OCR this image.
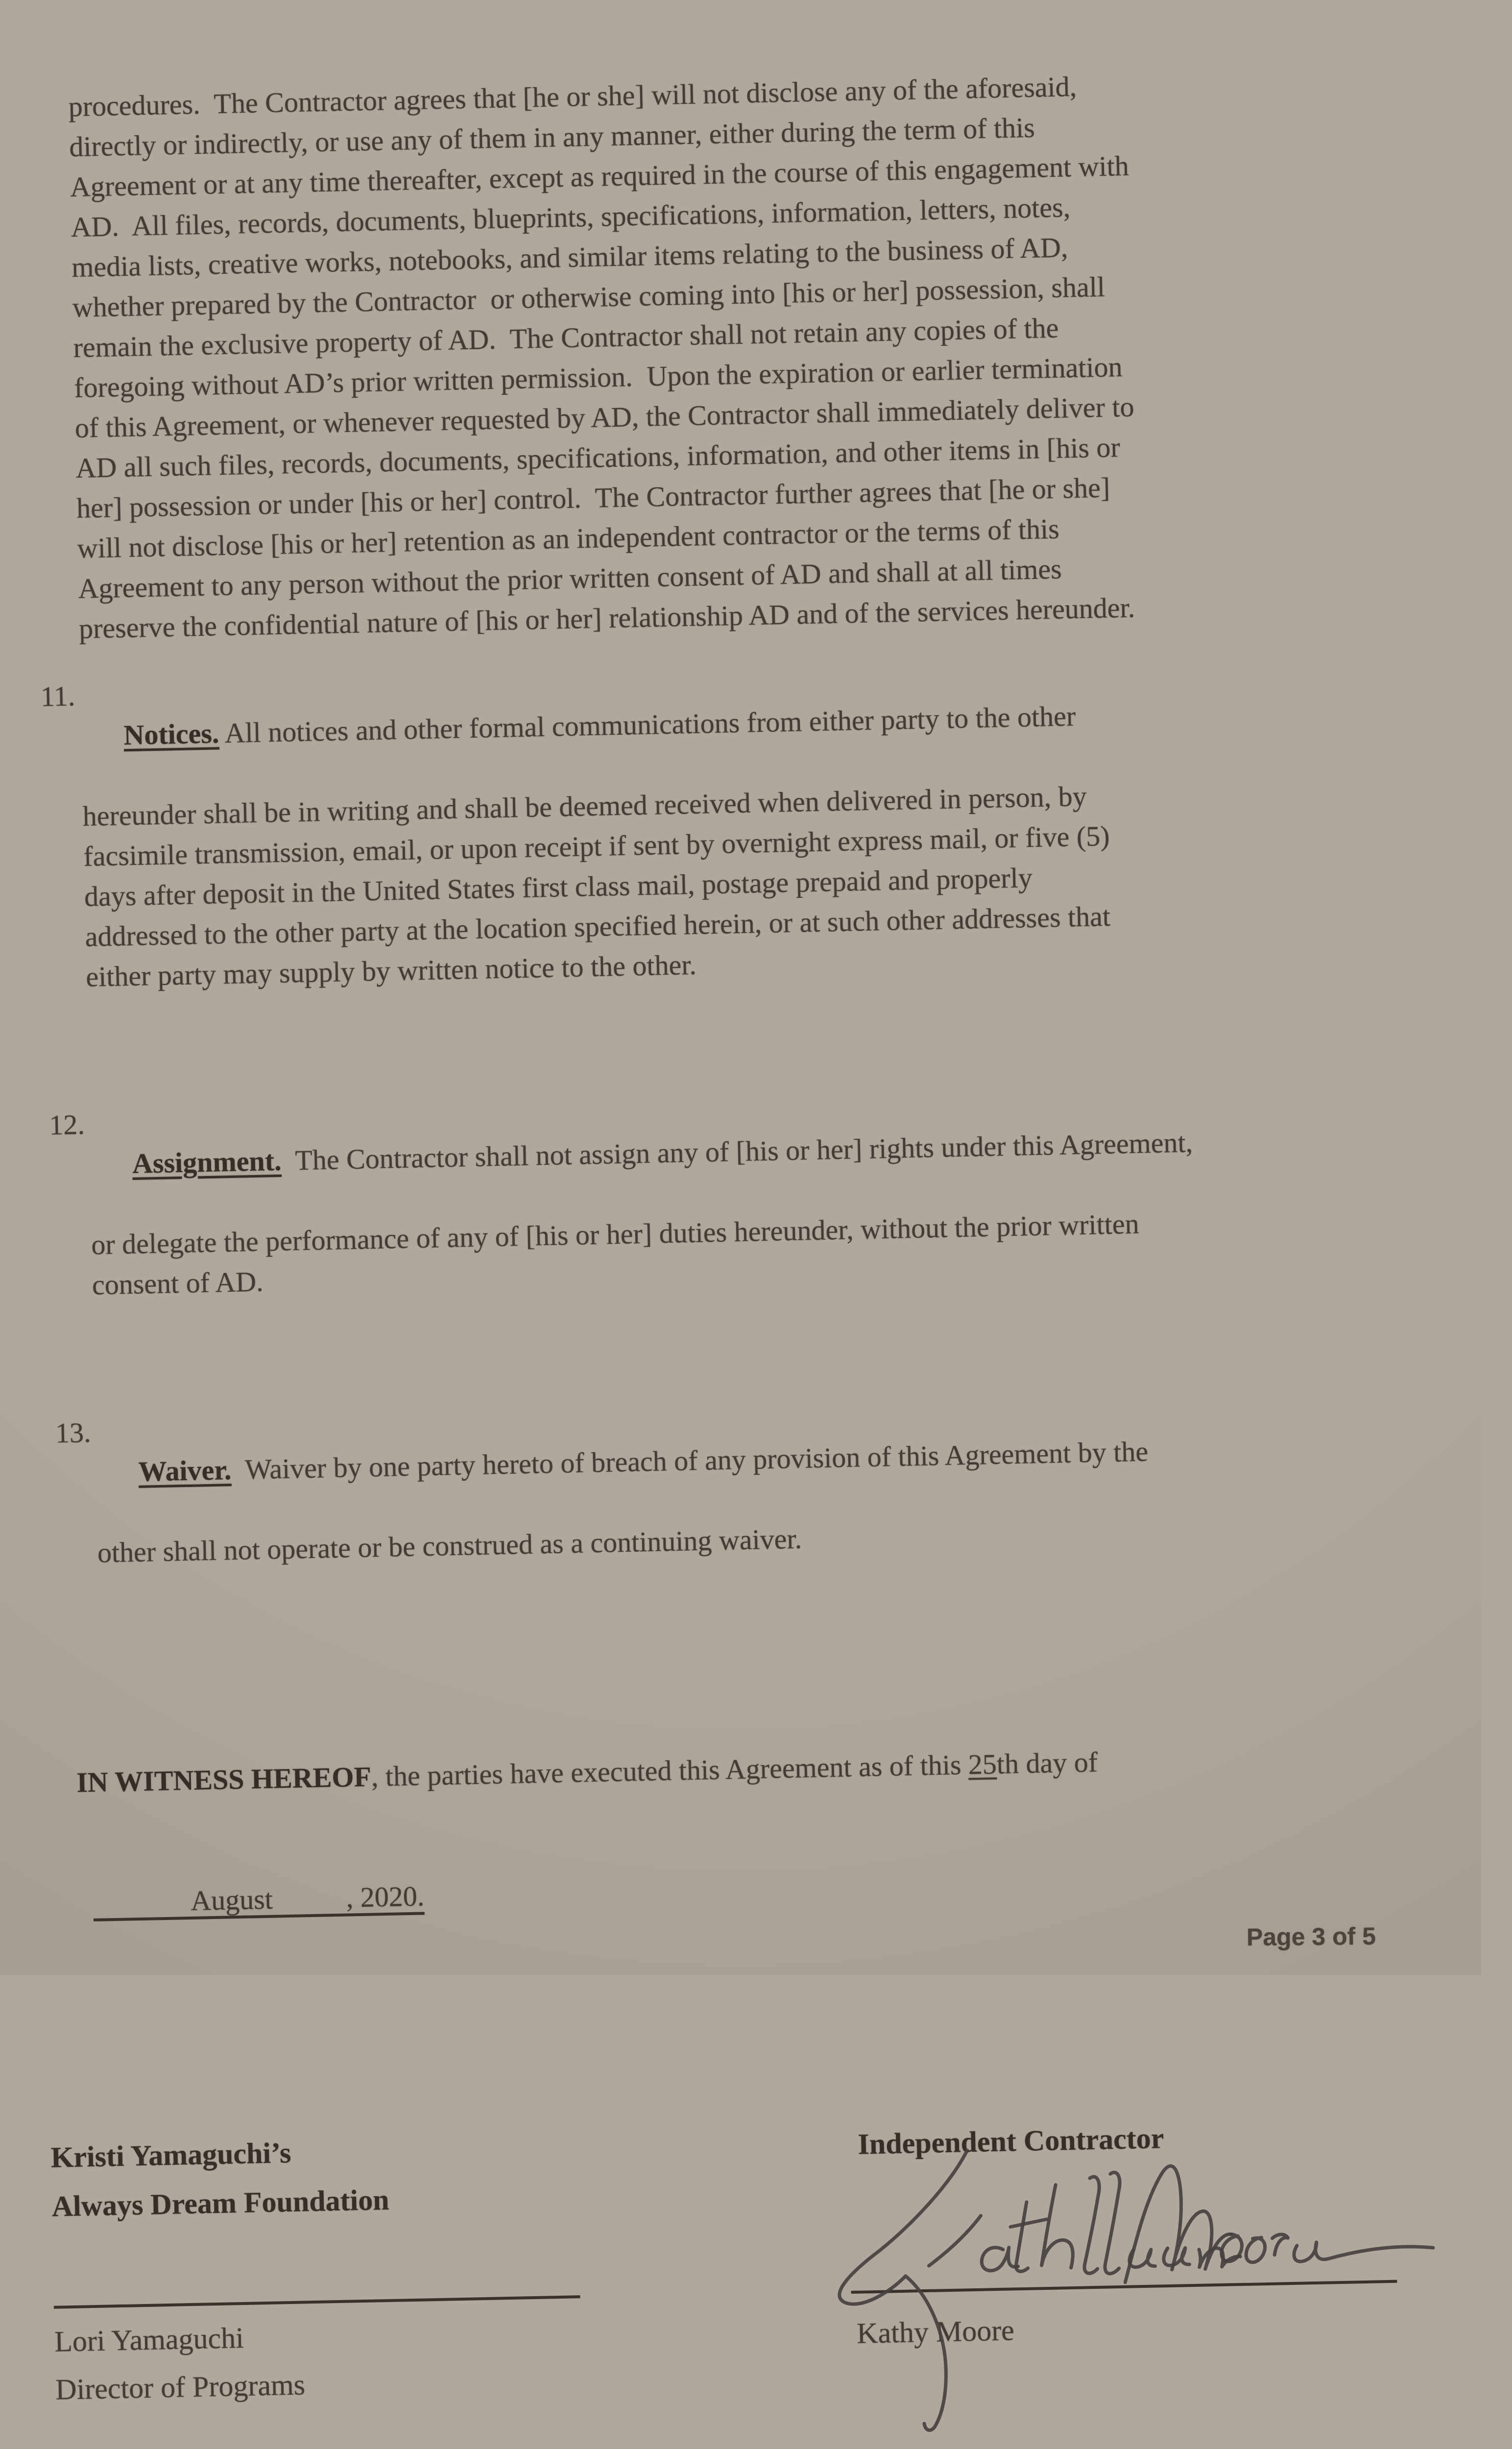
procedures.  The Contractor agrees that [he or she] will not disclose any of the aforesaid,
directly or indirectly, or use any of them in any manner, either during the term of this
Agreement or at any time thereafter, except as required in the course of this engagement with
AD.  All files, records, documents, blueprints, specifications, information, letters, notes,
media lists, creative works, notebooks, and similar items relating to the business of AD,
whether prepared by the Contractor  or otherwise coming into [his or her] possession, shall
remain the exclusive property of AD.  The Contractor shall not retain any copies of the
foregoing without AD’s prior written permission.  Upon the expiration or earlier termination
of this Agreement, or whenever requested by AD, the Contractor shall immediately deliver to
AD all such files, records, documents, specifications, information, and other items in [his or
her] possession or under [his or her] control.  The Contractor further agrees that [he or she]
will not disclose [his or her] retention as an independent contractor or the terms of this
Agreement to any person without the prior written consent of AD and shall at all times
preserve the confidential nature of [his or her] relationship AD and of the services hereunder.
11.

Notices. All notices and other formal communications from either party to the other

hereunder shall be in writing and shall be deemed received when delivered in person, by
facsimile transmission, email, or upon receipt if sent by overnight express mail, or five (5)
days after deposit in the United States first class mail, postage prepaid and properly
addressed to the other party at the location specified herein, or at such other addresses that
either party may supply by written notice to the other.

12.

Assignment.  The Contractor shall not assign any of [his or her] rights under this Agreement,

or delegate the performance of any of [his or her] duties hereunder, without the prior written
consent of AD.

13.

Waiver.  Waiver by one party hereto of breach of any provision of this Agreement by the

other shall not operate or be construed as a continuing waiver.

IN WITNESS HEREOF, the parties have executed this Agreement as of this 25th day of

August	, 2020.

Kristi Yamaguchi’s
Always Dream Foundation
Lori Yamaguchi
Director of Programs
Independent Contractor
Kathy Moore
Page 3 of 5
